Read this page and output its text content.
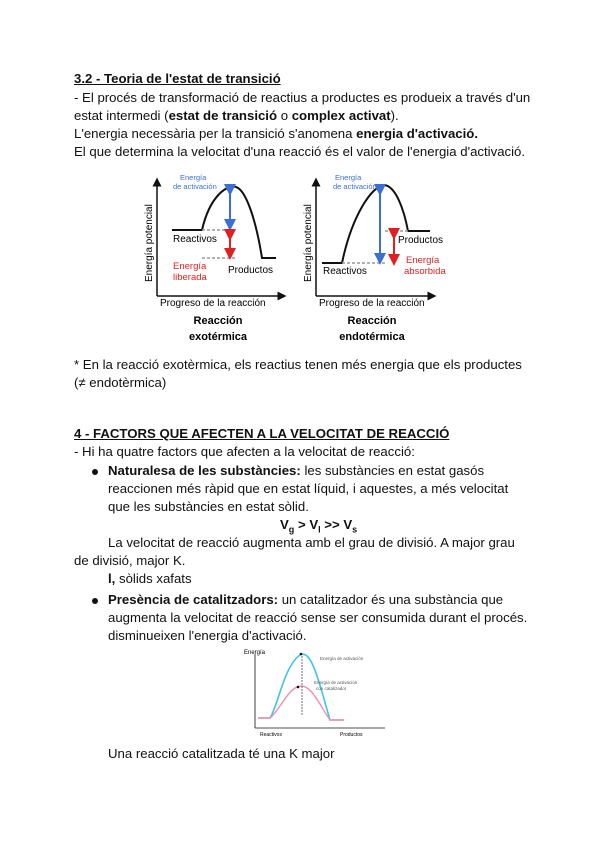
3.2 - Teoria de l'estat de transició
- El procés de transformació de reactius a productes es produeix a través d'un
estat intermedi (estat de transició o complex activat).
L'energia necessària per la transició s'anomena energia d'activació.
El que determina la velocitat d'una reacció és el valor de l'energia d'activació.
Energía potencial
Progreso de la reacción
Energía
de activación
Reactivos
Productos
Energía
liberada
Reacción
exotérmica
Energía potencial
Progreso de la reacción
Energía
de activación
Reactivos
Productos
Energía
absorbida
Reacción
endotérmica
* En la reacció exotèrmica, els reactius tenen més energia que els productes
(≠ endotèrmica)
4 - FACTORS QUE AFECTEN A LA VELOCITAT DE REACCIÓ
- Hi ha quatre factors que afecten a la velocitat de reacció:
Naturalesa de les substàncies: les substàncies en estat gasós
reaccionen més ràpid que en estat líquid, i aquestes, a més velocitat
que les substàncies en estat sòlid.
$V_g > V_l >> V_s$
La velocitat de reacció augmenta amb el grau de divisió. A major grau
de divisió, major K.
l, sòlids xafats
Presència de catalitzadors: un catalitzador és una substància que
augmenta la velocitat de reacció sense ser consumida durant el procés.
disminueixen l'energia d'activació.
Energía
Energía de activación
Energía de activación
con catalizador
Reactivos	Productos
Una reacció catalitzada té una K major
